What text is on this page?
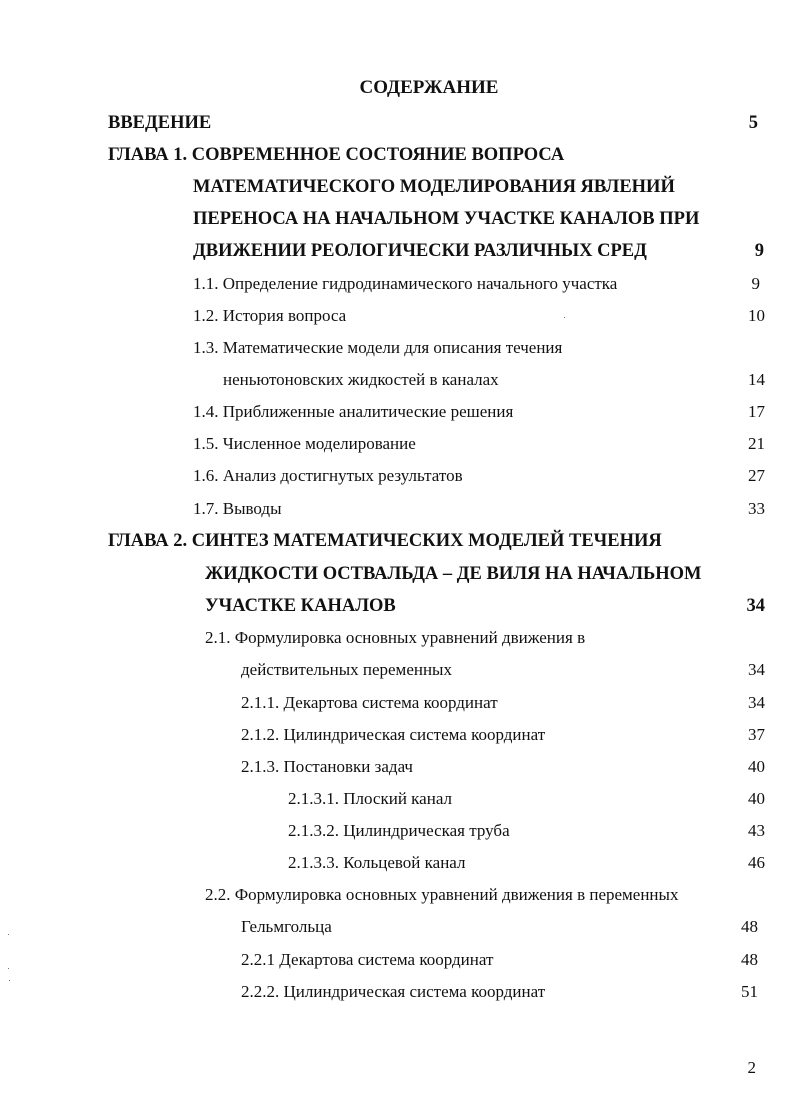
СОДЕРЖАНИЕ
ВВЕДЕНИЕ	5
ГЛАВА 1. СОВРЕМЕННОЕ СОСТОЯНИЕ ВОПРОСА
МАТЕМАТИЧЕСКОГО МОДЕЛИРОВАНИЯ ЯВЛЕНИЙ
ПЕРЕНОСА НА НАЧАЛЬНОМ УЧАСТКЕ КАНАЛОВ ПРИ
ДВИЖЕНИИ РЕОЛОГИЧЕСКИ РАЗЛИЧНЫХ СРЕД	9
1.1. Определение гидродинамического начального участка	9
1.2. История вопроса	10
1.3. Математические модели для описания течения
неньютоновских жидкостей в каналах	14
1.4. Приближенные аналитические решения	17
1.5. Численное моделирование	21
1.6. Анализ достигнутых результатов	27
1.7. Выводы	33
ГЛАВА 2. СИНТЕЗ МАТЕМАТИЧЕСКИХ МОДЕЛЕЙ ТЕЧЕНИЯ
ЖИДКОСТИ ОСТВАЛЬДА – ДЕ ВИЛЯ НА НАЧАЛЬНОМ
УЧАСТКЕ КАНАЛОВ	34
2.1. Формулировка основных уравнений движения в
действительных переменных	34
2.1.1. Декартова система координат	34
2.1.2. Цилиндрическая система координат	37
2.1.3. Постановки задач	40
2.1.3.1. Плоский канал	40
2.1.3.2. Цилиндрическая труба	43
2.1.3.3. Кольцевой канал	46
2.2. Формулировка основных уравнений движения в переменных
Гельмгольца	48
2.2.1 Декартова система координат	48
2.2.2. Цилиндрическая система координат	51
2
